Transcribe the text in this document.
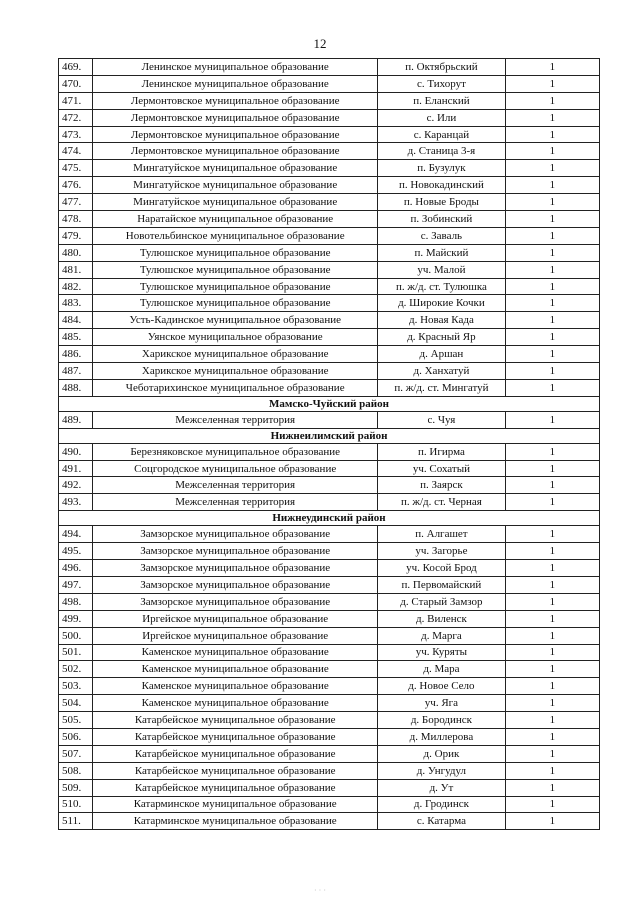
12
469.	Ленинское муниципальное образование	п. Октябрьский	1
470.	Ленинское муниципальное образование	с. Тихорут	1
471.	Лермонтовское муниципальное образование	п. Еланский	1
472.	Лермонтовское муниципальное образование	с. Или	1
473.	Лермонтовское муниципальное образование	с. Каранцай	1
474.	Лермонтовское муниципальное образование	д. Станица 3-я	1
475.	Мингатуйское муниципальное образование	п. Бузулук	1
476.	Мингатуйское муниципальное образование	п. Новокадинский	1
477.	Мингатуйское муниципальное образование	п. Новые Броды	1
478.	Наратайское муниципальное образование	п. Зобинский	1
479.	Новотельбинское муниципальное образование	с. Заваль	1
480.	Тулюшское муниципальное образование	п. Майский	1
481.	Тулюшское муниципальное образование	уч. Малой	1
482.	Тулюшское муниципальное образование	п. ж/д. ст. Тулюшка	1
483.	Тулюшское муниципальное образование	д. Широкие Кочки	1
484.	Усть-Кадинское муниципальное образование	д. Новая Када	1
485.	Уянское муниципальное образование	д. Красный Яр	1
486.	Харикское муниципальное образование	д. Аршан	1
487.	Харикское муниципальное образование	д. Ханхатуй	1
488.	Чеботарихинское муниципальное образование	п. ж/д. ст. Мингатуй	1
Мамско-Чуйский район			
489.	Межселенная территория	с. Чуя	1
Нижнеилимский район			
490.	Березняковское муниципальное образование	п. Игирма	1
491.	Соцгородское муниципальное образование	уч. Сохатый	1
492.	Межселенная территория	п. Заярск	1
493.	Межселенная территория	п. ж/д. ст. Черная	1
Нижнеудинский район			
494.	Замзорское муниципальное образование	п. Алгашет	1
495.	Замзорское муниципальное образование	уч. Загорье	1
496.	Замзорское муниципальное образование	уч. Косой Брод	1
497.	Замзорское муниципальное образование	п. Первомайский	1
498.	Замзорское муниципальное образование	д. Старый Замзор	1
499.	Иргейское муниципальное образование	д. Виленск	1
500.	Иргейское муниципальное образование	д. Марга	1
501.	Каменское муниципальное образование	уч. Куряты	1
502.	Каменское муниципальное образование	д. Мара	1
503.	Каменское муниципальное образование	д. Новое Село	1
504.	Каменское муниципальное образование	уч. Яга	1
505.	Катарбейское муниципальное образование	д. Бородинск	1
506.	Катарбейское муниципальное образование	д. Миллерова	1
507.	Катарбейское муниципальное образование	д. Орик	1
508.	Катарбейское муниципальное образование	д. Унгудул	1
509.	Катарбейское муниципальное образование	д. Ут	1
510.	Катарминское муниципальное образование	д. Гродинск	1
511.	Катарминское муниципальное образование	с. Катарма	1
· · ·
